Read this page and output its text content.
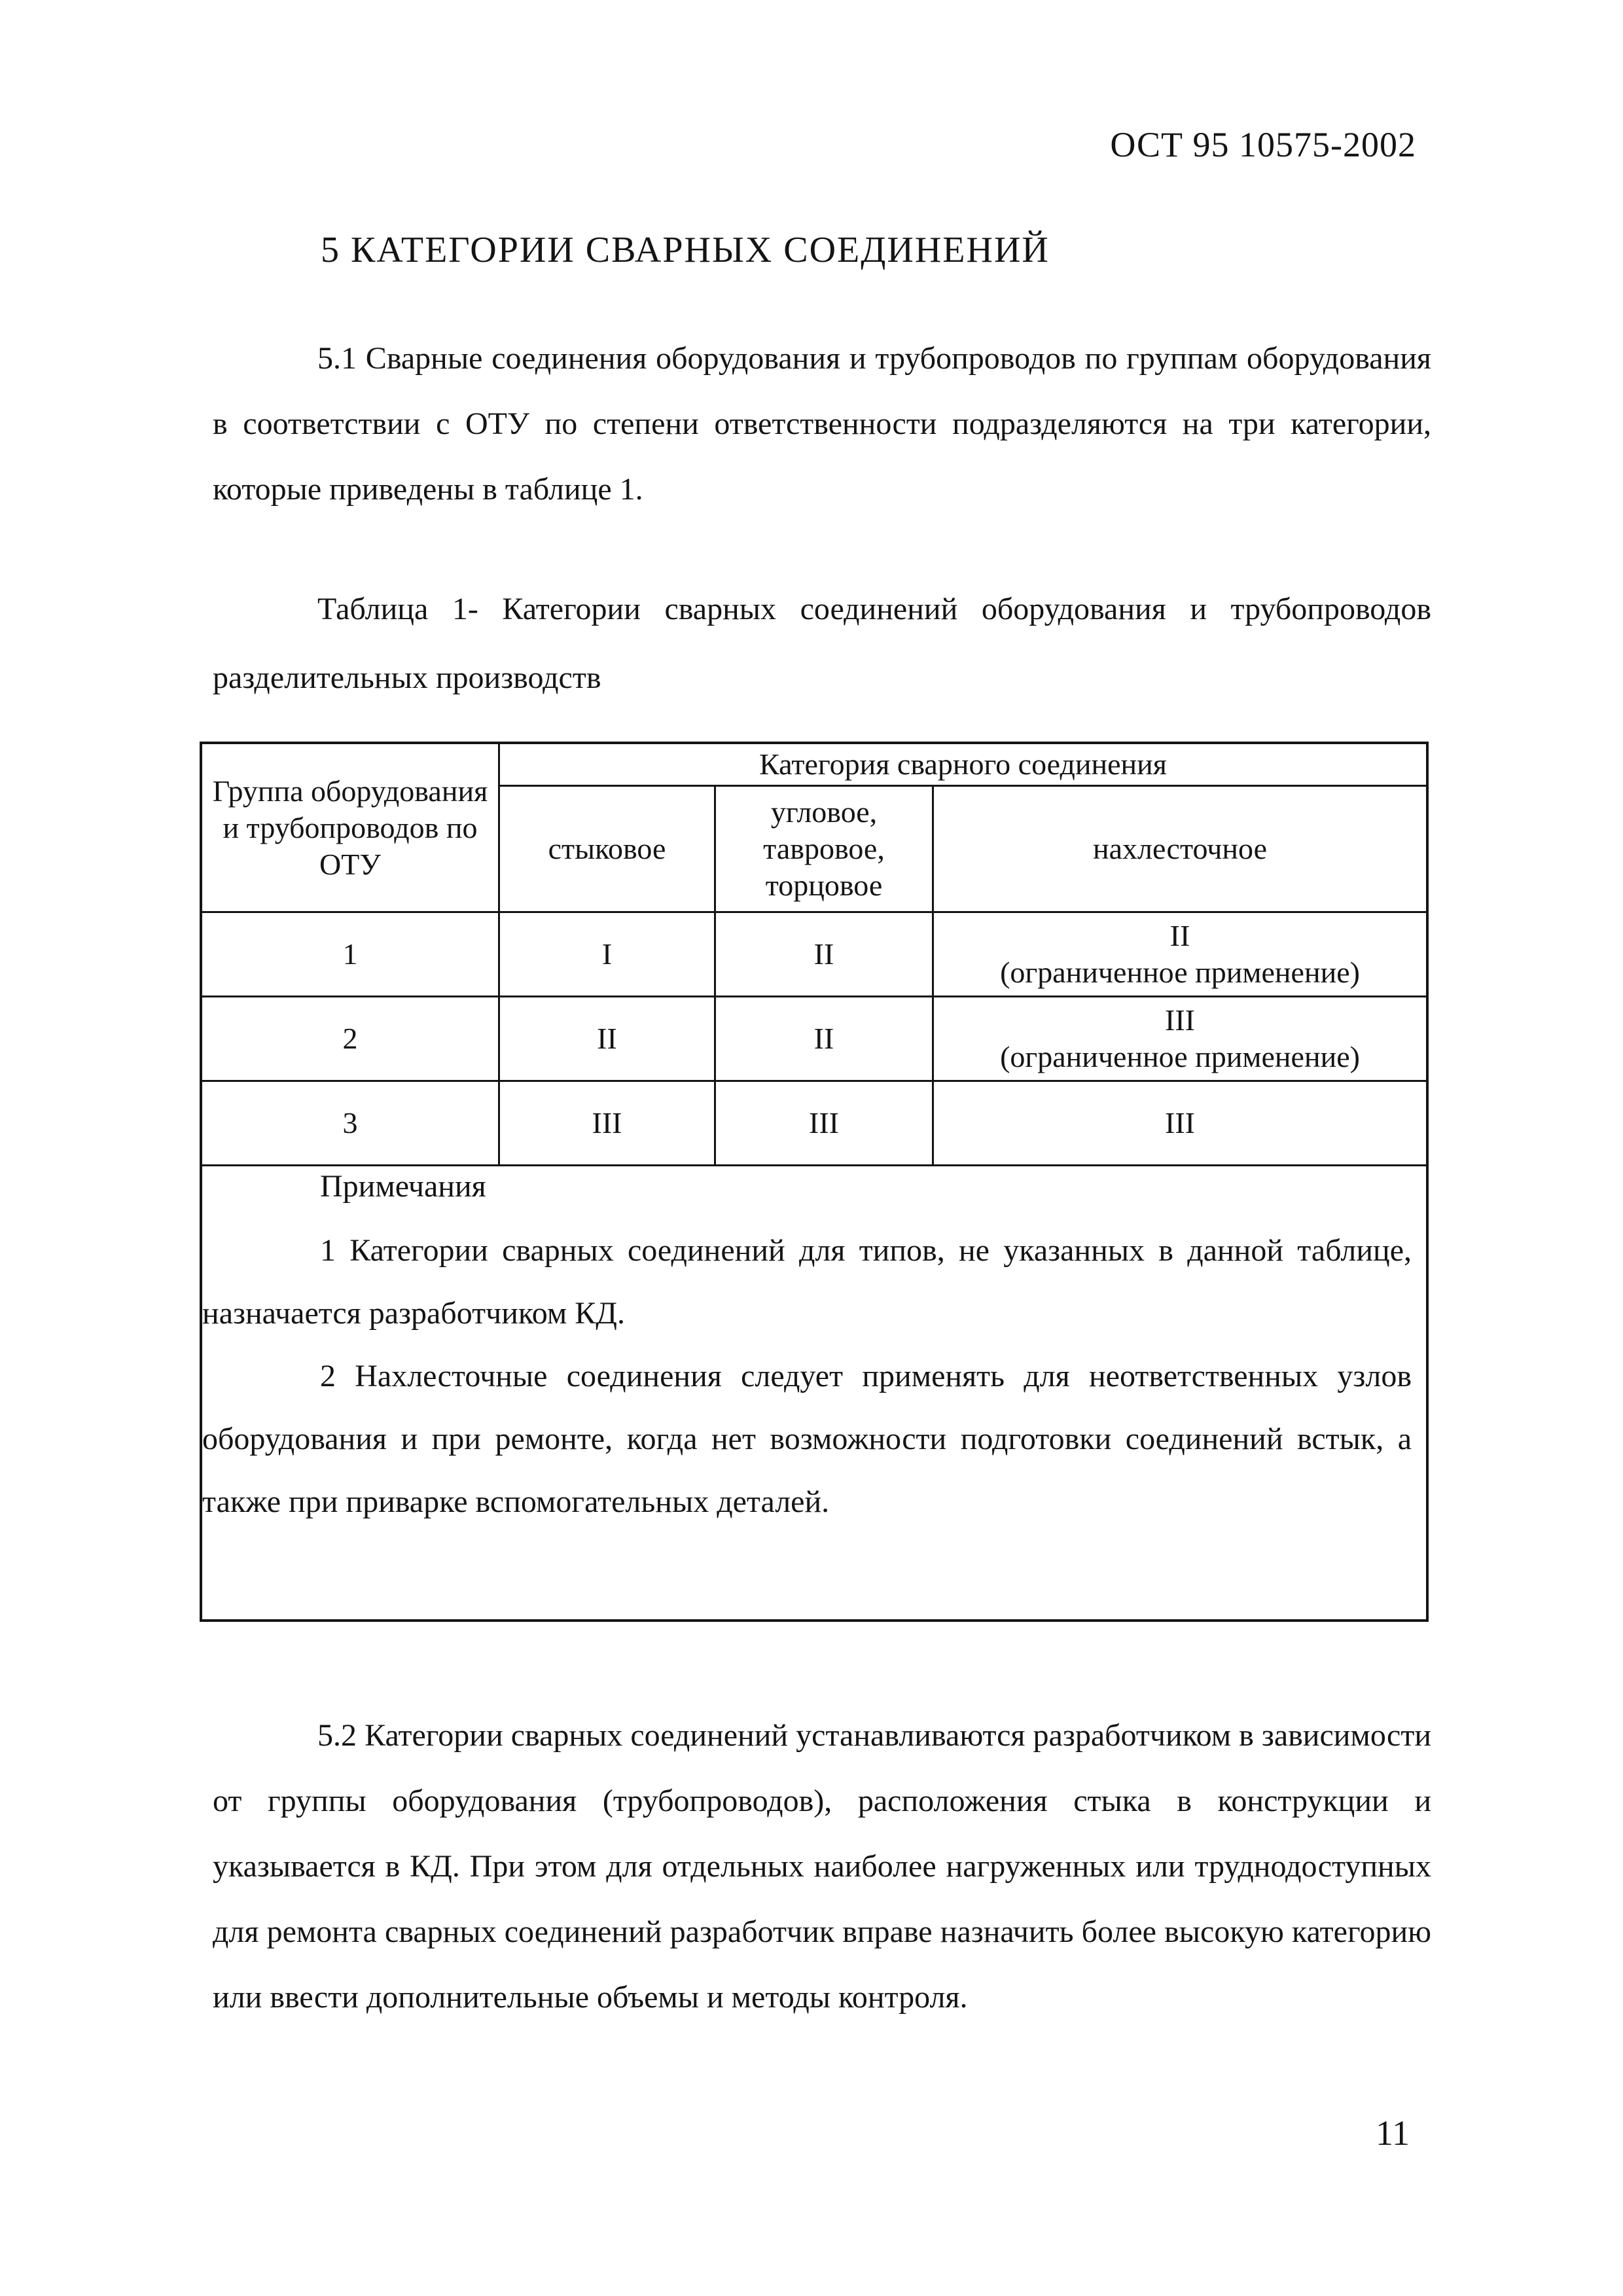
ОСТ 95 10575-2002
5 КАТЕГОРИИ СВАРНЫХ СОЕДИНЕНИЙ

5.1 Сварные соединения оборудования и трубопроводов по группам оборудования в соответствии с ОТУ по степени ответственности подразделяются на три категории, которые приведены в таблице 1.

Таблица 1- Категории сварных соединений оборудования и трубопроводов разделительных производств

Группа оборудования и трубопроводов по ОТУ	Категория сварного соединения		
	стыковое	угловое, тавровое, торцовое	нахлесточное
1	I	II	II
(ограниченное применение)

2	II	II	III
(ограниченное применение)

3	III	III	III
Примечания

1 Категории сварных соединений для типов, не указанных в данной таблице, назначается разработчиком КД.

2 Нахлесточные соединения следует применять для неответственных узлов оборудования и при ремонте, когда нет возможности подготовки соединений встык, а также при приварке вспомогательных деталей.

5.2 Категории сварных соединений устанавливаются разработчиком в зависимости от группы оборудования (трубопроводов), расположения стыка в конструкции и указывается в КД. При этом для отдельных наиболее нагруженных или труднодоступных для ремонта сварных соединений разработчик вправе назначить более высокую категорию или ввести дополнительные объемы и методы контроля.

11
